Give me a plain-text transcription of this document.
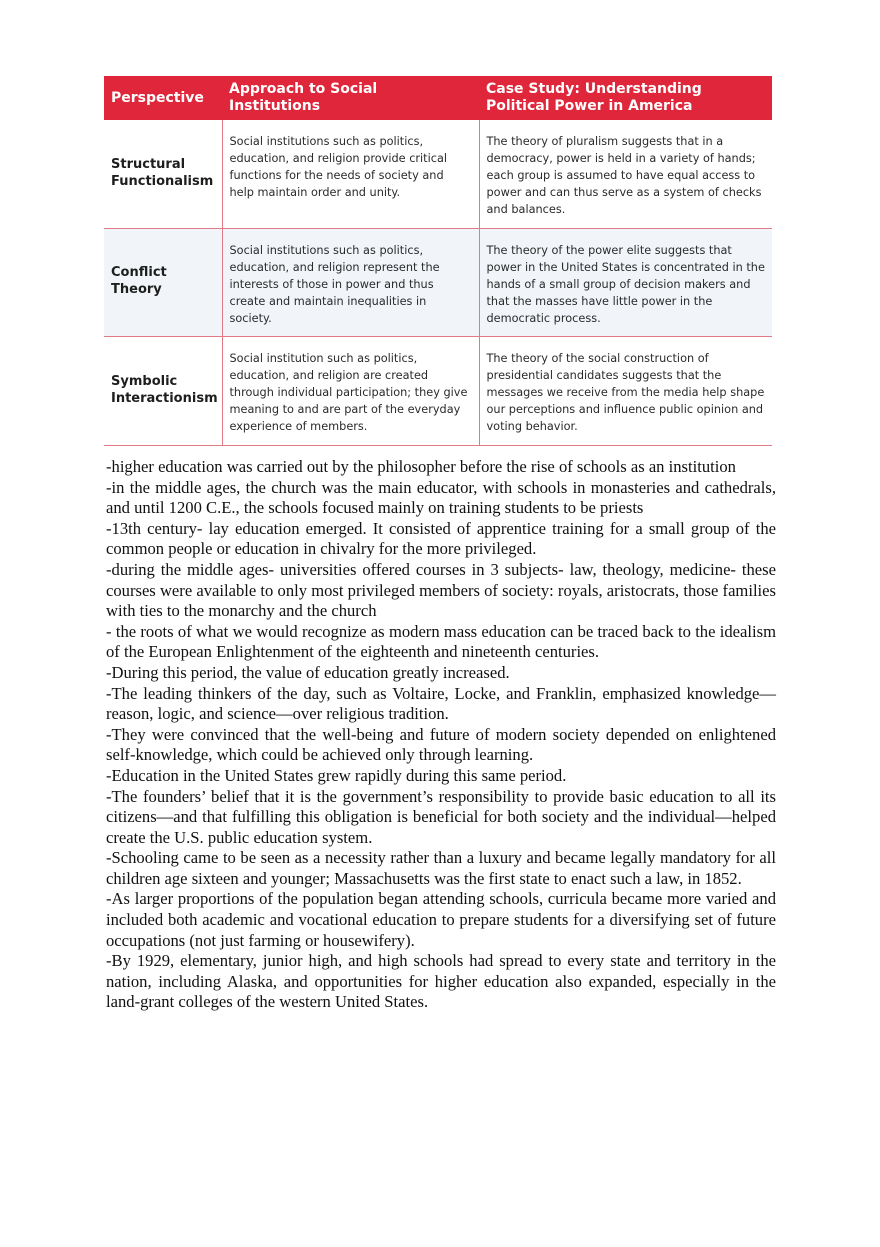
Perspective	Approach to Social Institutions	Case Study: Understanding Political Power in America
Structural Functionalism	Social institutions such as politics, education, and religion provide critical functions for the needs of society and help maintain order and unity.	The theory of pluralism suggests that in a democracy, power is held in a variety of hands; each group is assumed to have equal access to power and can thus serve as a system of checks and balances.
Conflict Theory	Social institutions such as politics, education, and religion represent the interests of those in power and thus create and maintain inequalities in society.	The theory of the power elite suggests that power in the United States is concentrated in the hands of a small group of decision makers and that the masses have little power in the democratic process.
Symbolic Interactionism	Social institution such as politics, education, and religion are created through individual participation; they give meaning to and are part of the everyday experience of members.	The theory of the social construction of presidential candidates suggests that the messages we receive from the media help shape our perceptions and influence public opinion and voting behavior.

-higher education was carried out by the philosopher before the rise of schools as an institution

-in the middle ages, the church was the main educator, with schools in monasteries and cathedrals, and until 1200 C.E., the schools focused mainly on training students to be priests

-13th century- lay education emerged. It consisted of apprentice training for a small group of the common people or education in chivalry for the more privileged.

-during the middle ages- universities offered courses in 3 subjects- law, theology, medicine- these courses were available to only most privileged members of society: royals, aristocrats, those families with ties to the monarchy and the church

- the roots of what we would recognize as modern mass education can be traced back to the idealism of the European Enlightenment of the eighteenth and nineteenth centuries.

-During this period, the value of education greatly increased.

-The leading thinkers of the day, such as Voltaire, Locke, and Franklin, emphasized knowledge—reason, logic, and science—over religious tradition.

-They were convinced that the well-being and future of modern society depended on enlightened self-knowledge, which could be achieved only through learning.

-Education in the United States grew rapidly during this same period.

-The founders’ belief that it is the government’s responsibility to provide basic education to all its citizens—and that fulfilling this obligation is beneficial for both society and the individual—helped create the U.S. public education system.

-Schooling came to be seen as a necessity rather than a luxury and became legally mandatory for all children age sixteen and younger; Massachusetts was the first state to enact such a law, in 1852.

-As larger proportions of the population began attending schools, curricula became more varied and included both academic and vocational education to prepare students for a diversifying set of future occupations (not just farming or housewifery).

-By 1929, elementary, junior high, and high schools had spread to every state and territory in the nation, including Alaska, and opportunities for higher education also expanded, especially in the land-grant colleges of the western United States.
